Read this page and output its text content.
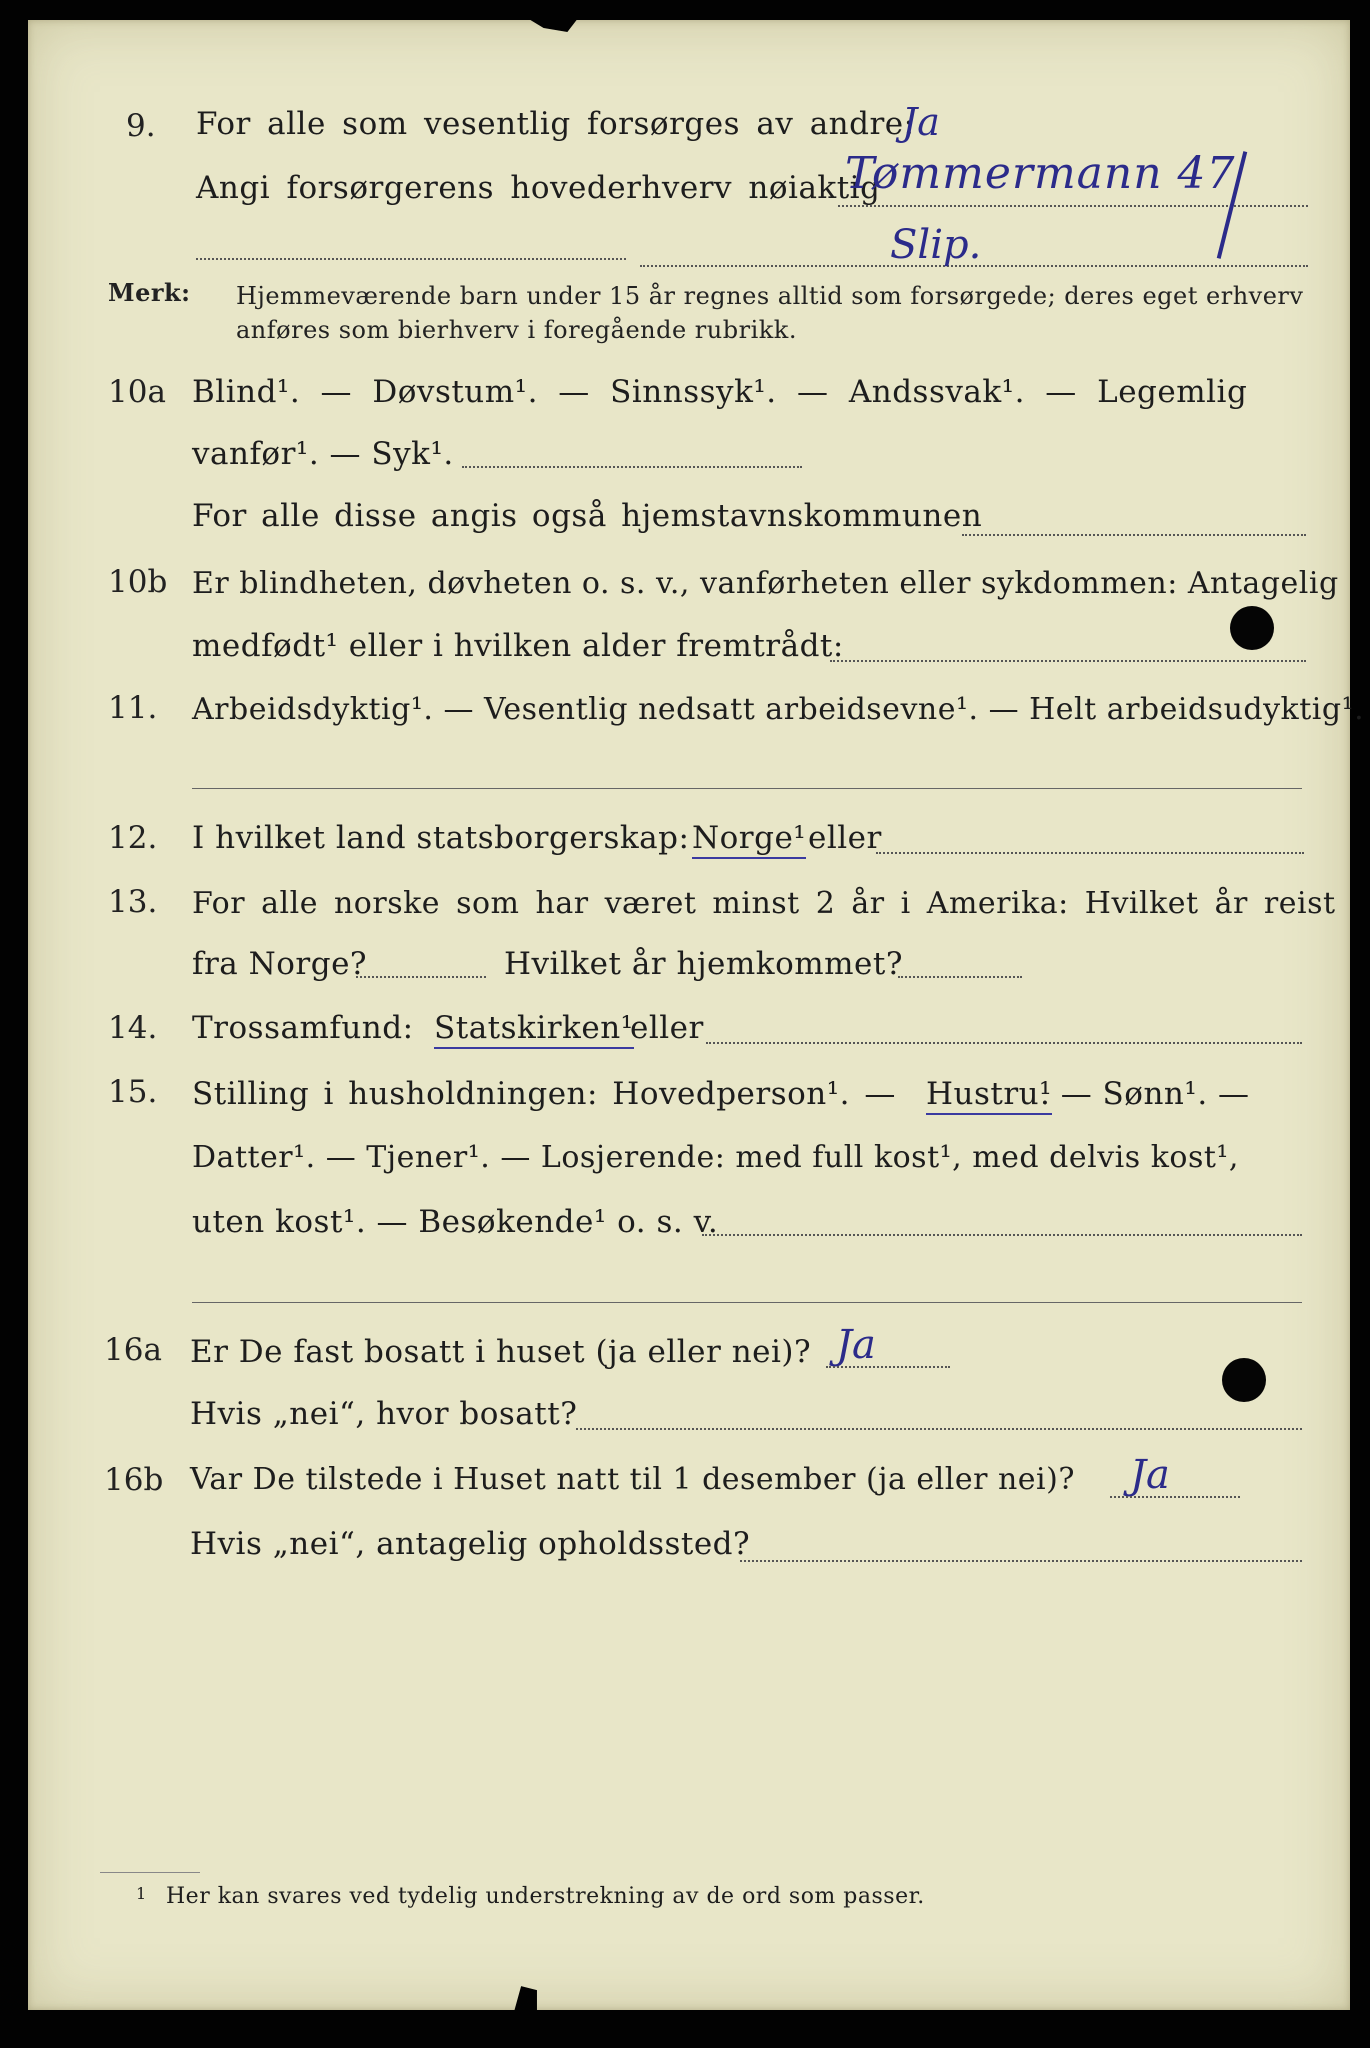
9. For alle som vesentlig forsørges av andre:
Ja
Angi forsørgerens hovederhverv nøiaktig
Tømmermann 47
Slip.
Merk: Hjemmeværende barn under 15 år regnes alltid som forsørgede; deres eget erhverv
anføres som bierhverv i foregående rubrikk.
10a Blind¹. — Døvstum¹. — Sinnssyk¹. — Andssvak¹. — Legemlig
vanfør¹. — Syk¹.
For alle disse angis også hjemstavnskommunen
10b Er blindheten, døvheten o. s. v., vanførheten eller sykdommen: Antagelig
medfødt¹ eller i hvilken alder fremtrådt:
11. Arbeidsdyktig¹. — Vesentlig nedsatt arbeidsevne¹. — Helt arbeidsudyktig¹.
12. I hvilket land statsborgerskap: Norge¹ eller
13. For alle norske som har været minst 2 år i Amerika: Hvilket år reist
fra Norge?	Hvilket år hjemkommet?
14. Trossamfund: Statskirken¹
eller
15. Stilling i husholdningen: Hovedperson¹. — Hustru¹
. — Sønn¹. —
Datter¹. — Tjener¹. — Losjerende: med full kost¹, med delvis kost¹,
uten kost¹. — Besøkende¹ o. s. v.
16a Er De fast bosatt i huset (ja eller nei)? Ja
Hvis „nei“, hvor bosatt?
16b Var De tilstede i Huset natt til 1 desember (ja eller nei)? Ja
Hvis „nei“, antagelig opholdssted?
1 Her kan svares ved tydelig understrekning av de ord som passer.
